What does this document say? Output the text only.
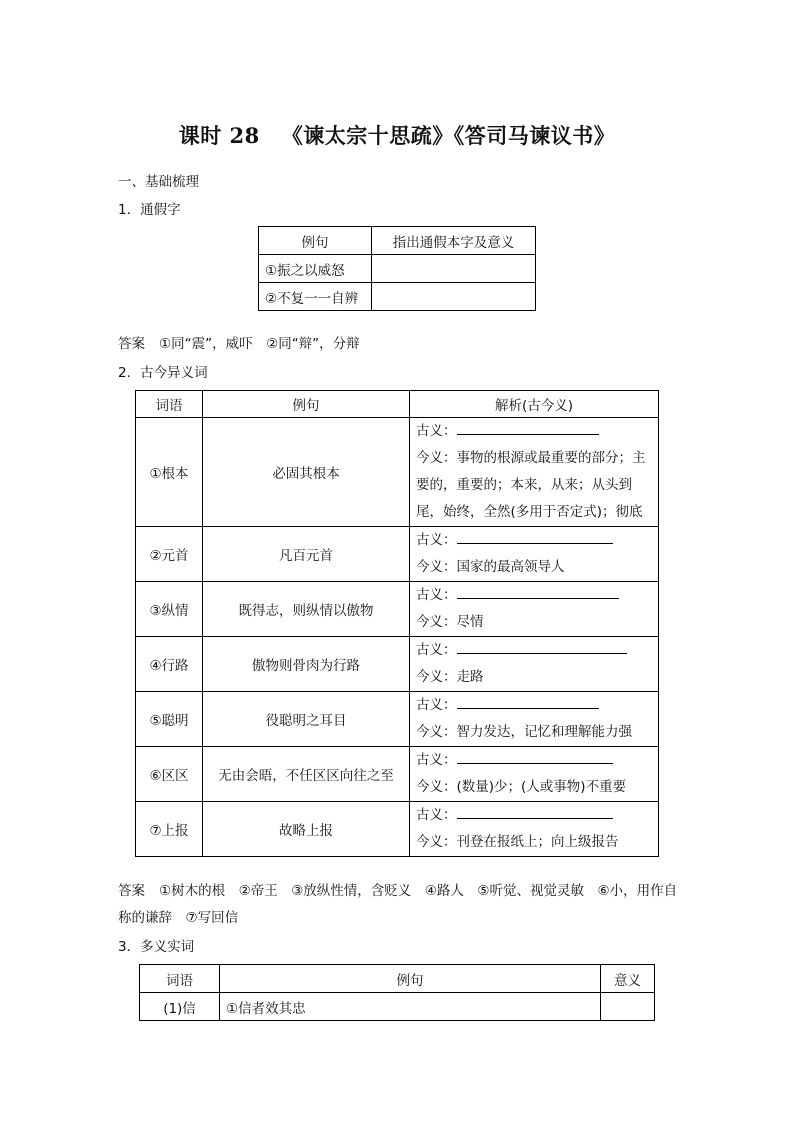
课时 28 《谏太宗十思疏》《答司马谏议书》
一、基础梳理
1．通假字
例句	指出通假本字及意义
①振之以威怒	
②不复一一自辨	
答案 ①同“震”，威吓　②同“辩”，分辩
2．古今异义词
词语	例句	解析(古今义)
①根本	必固其根本	古义：
今义：事物的根源或最重要的部分；主要的，重要的；本来，从来；从头到尾，始终，全然(多用于否定式)；彻底

②元首	凡百元首	古义：
今义：国家的最高领导人

③纵情	既得志，则纵情以傲物	古义：
今义：尽情

④行路	傲物则骨肉为行路	古义：
今义：走路

⑤聪明	役聪明之耳目	古义：
今义：智力发达，记忆和理解能力强

⑥区区	无由会晤，不任区区向往之至	古义：
今义：(数量)少；(人或事物)不重要

⑦上报	故略上报	古义：
今义：刊登在报纸上；向上级报告
答案 ①树木的根　②帝王　③放纵性情，含贬义　④路人　⑤听觉、视觉灵敏　⑥小，用作自称的谦辞　⑦写回信
3．多义实词
词语	例句	意义
(1)信	①信者效其忠	
